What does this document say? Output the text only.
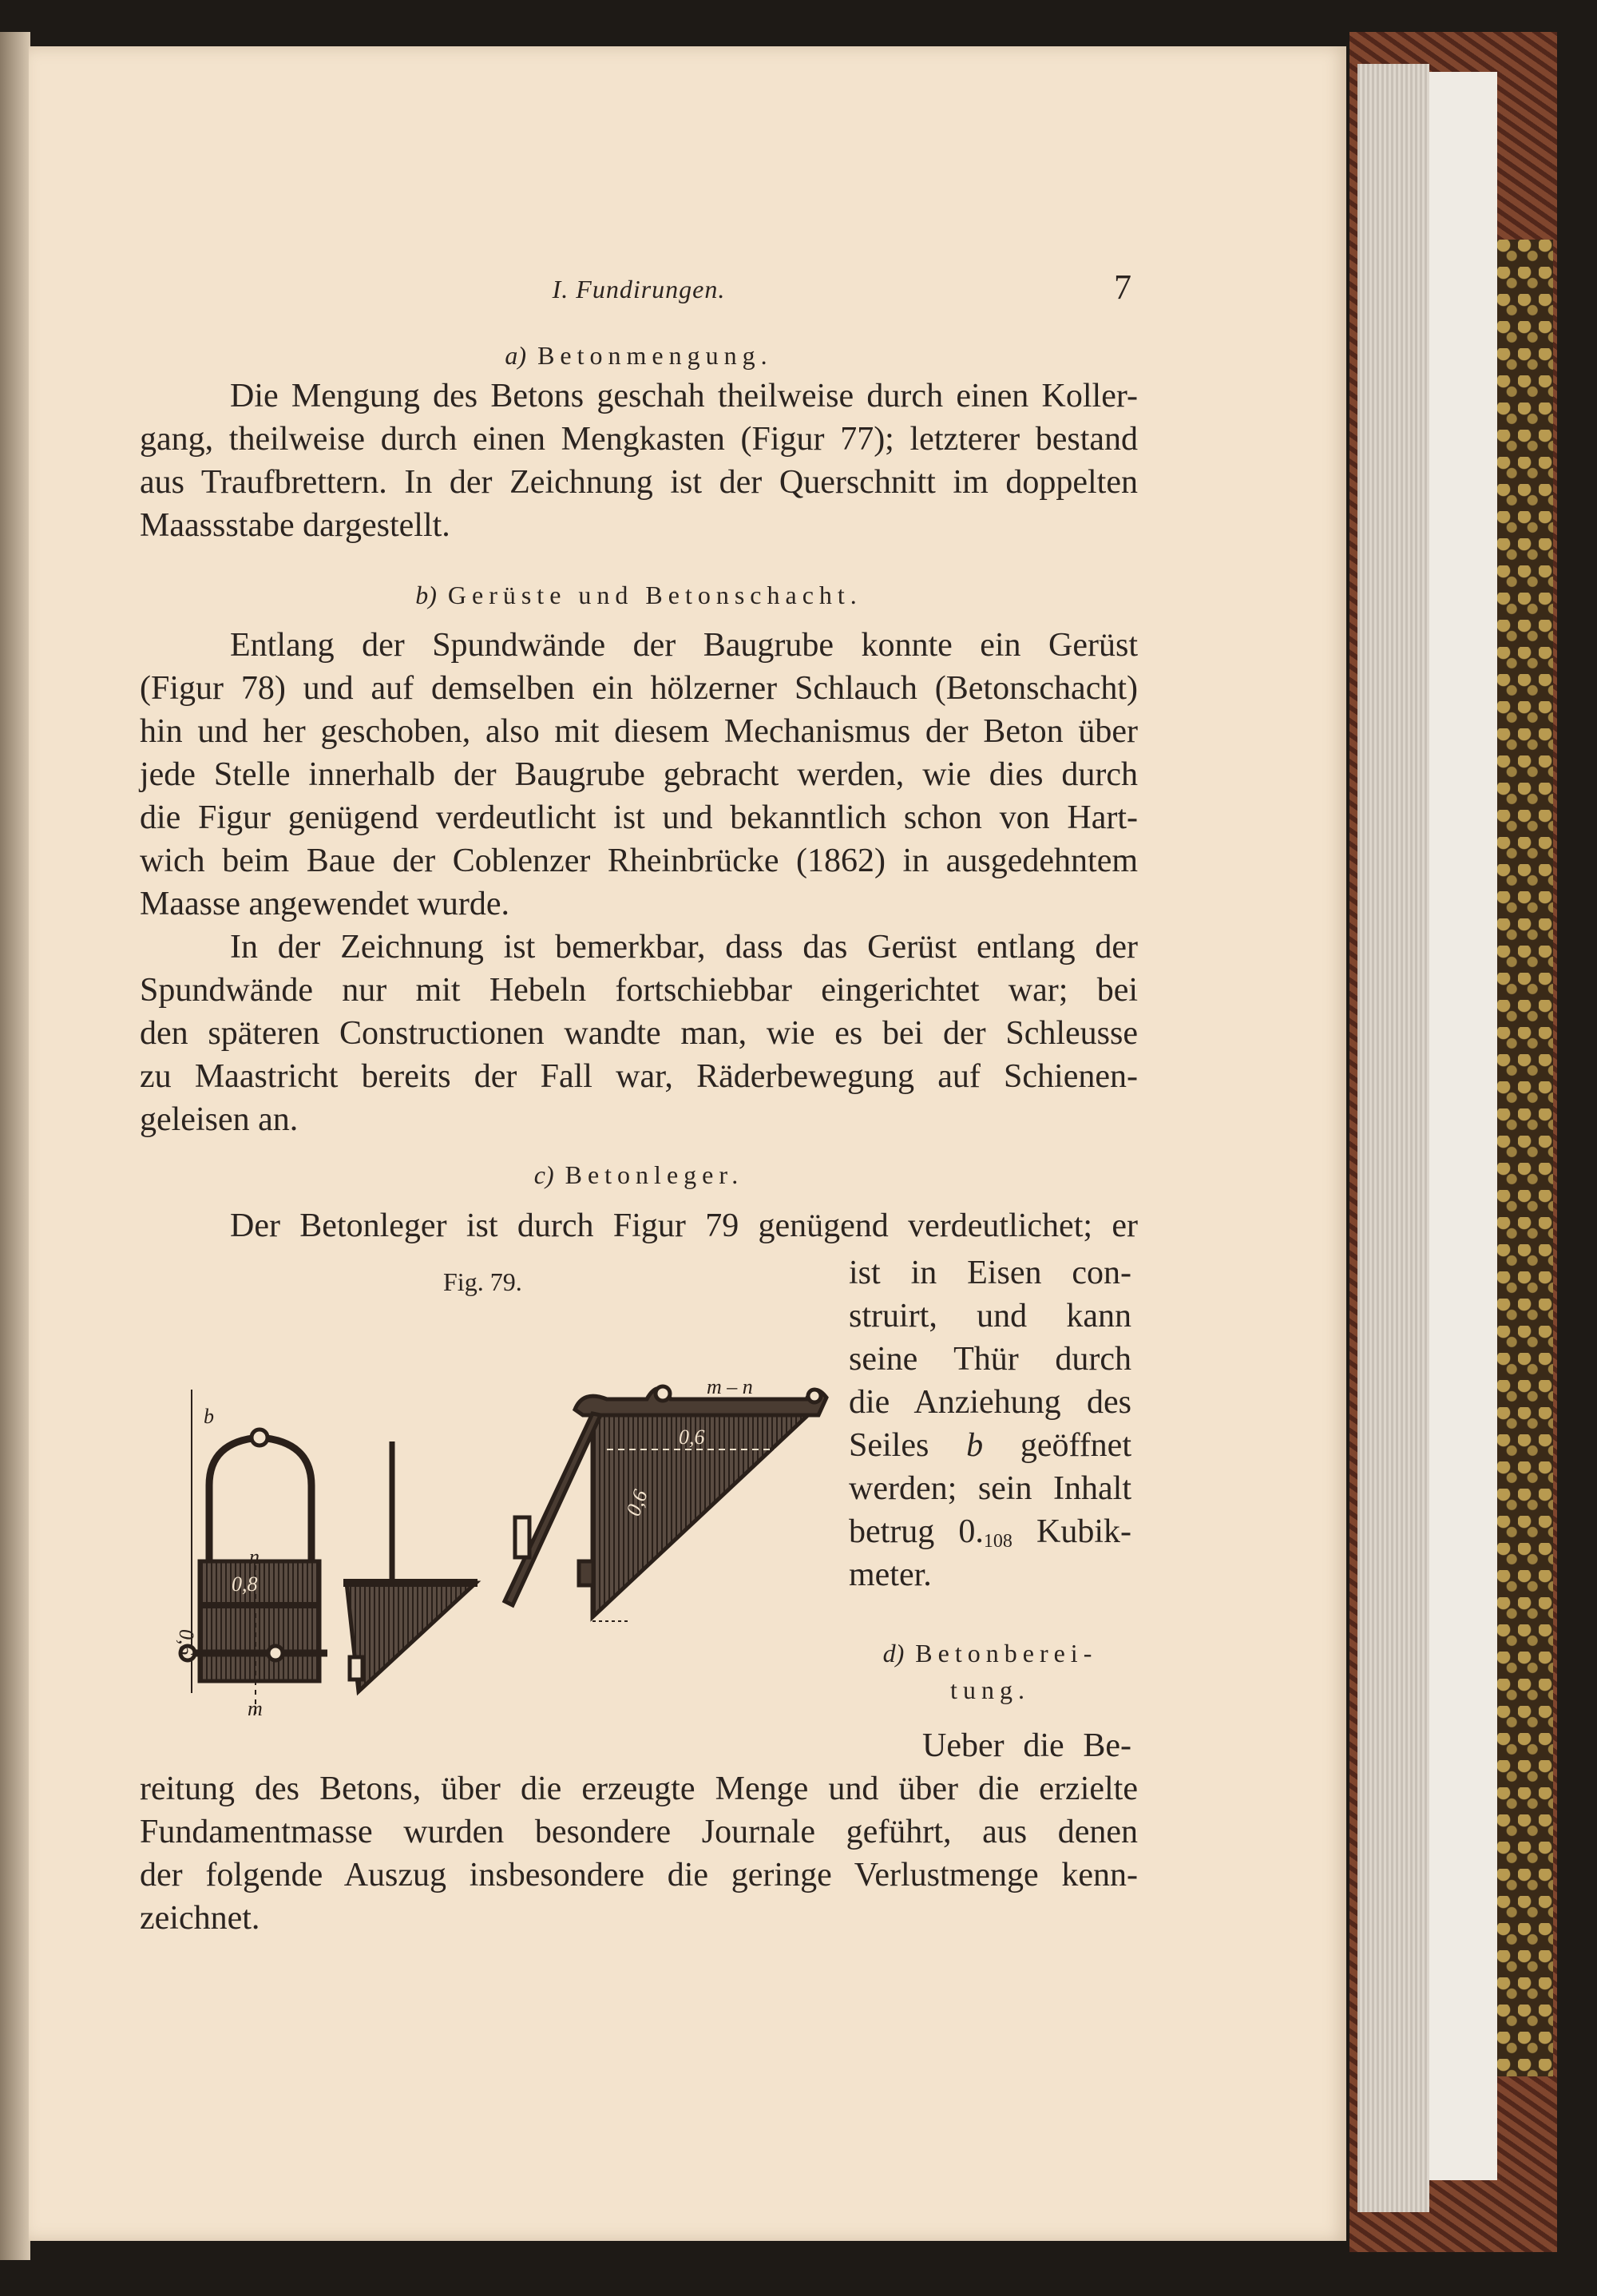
I. Fundirungen.	7
a) Betonmengung.
Die Mengung des Betons geschah theilweise durch einen Koller-
gang, theilweise durch einen Mengkasten (Figur 77); letzterer bestand
aus Traufbrettern. In der Zeichnung ist der Querschnitt im doppelten
Maassstabe dargestellt.
b) Gerüste und Betonschacht.
Entlang der Spundwände der Baugrube konnte ein Gerüst
(Figur 78) und auf demselben ein hölzerner Schlauch (Betonschacht)
hin und her geschoben, also mit diesem Mechanismus der Beton über
jede Stelle innerhalb der Baugrube gebracht werden, wie dies durch
die Figur genügend verdeutlicht ist und bekanntlich schon von Hart-
wich beim Baue der Coblenzer Rheinbrücke (1862) in ausgedehntem
Maasse angewendet wurde.
In der Zeichnung ist bemerkbar, dass das Gerüst entlang der
Spundwände nur mit Hebeln fortschiebbar eingerichtet war; bei
den späteren Constructionen wandte man, wie es bei der Schleusse
zu Maastricht bereits der Fall war, Räderbewegung auf Schienen-
geleisen an.
c) Betonleger.
Der Betonleger ist durch Figur 79 genügend verdeutlichet; er
Fig. 79.	ist in Eisen con-
struirt, und kann
seine Thür durch
die Anziehung des
Seiles b geöffnet
werden; sein Inhalt
betrug $0._{108}$ Kubik-
meter.
d) Betonberei-
tung.
Ueber die Be-
reitung des Betons, über die erzeugte Menge und über die erzielte
Fundamentmasse wurden besondere Journale geführt, aus denen
der folgende Auszug insbesondere die geringe Verlustmenge kenn-
zeichnet.
b
n
m
m – n
0,6
0,8
0,6
0,6
